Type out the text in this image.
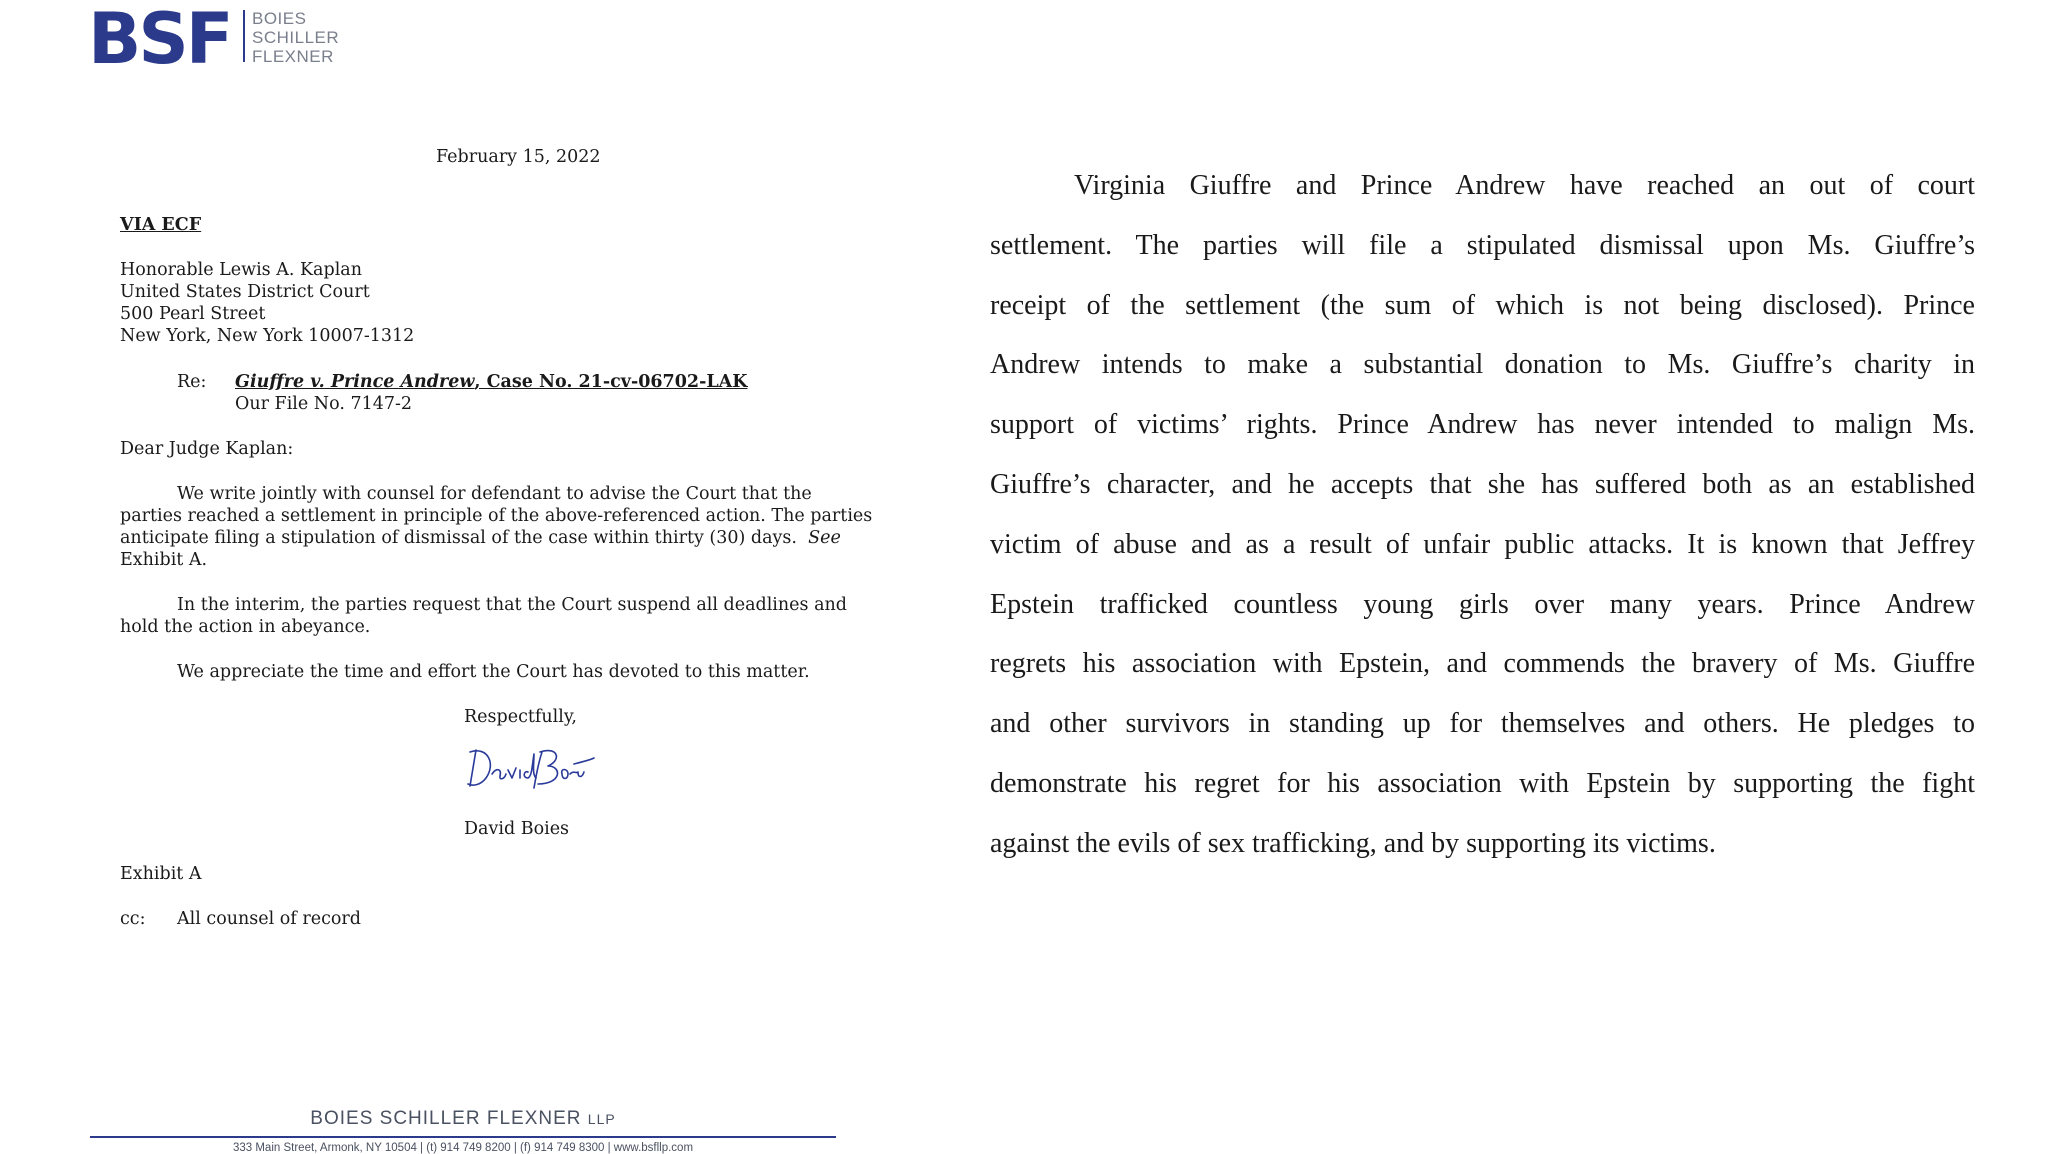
BSF BOIES
SCHILLER
FLEXNER
February 15, 2022
VIA ECF
Honorable Lewis A. Kaplan
United States District Court
500 Pearl Street
New York, New York 10007-1312
Re: Giuffre v. Prince Andrew, Case No. 21-cv-06702-LAK
Our File No. 7147-2
Dear Judge Kaplan:
We write jointly with counsel for defendant to advise the Court that the
parties reached a settlement in principle of the above-referenced action. The parties
anticipate filing a stipulation of dismissal of the case within thirty (30) days. See
Exhibit A.
In the interim, the parties request that the Court suspend all deadlines and
hold the action in abeyance.
We appreciate the time and effort the Court has devoted to this matter.
Respectfully,
David Boies
Exhibit A
cc: All counsel of record
BOIES SCHILLER FLEXNER LLP
333 Main Street, Armonk, NY 10504 | (t) 914 749 8200 | (f) 914 749 8300 | www.bsfllp.com
Virginia Giuffre and Prince Andrew have reached an out of court
settlement. The parties will file a stipulated dismissal upon Ms. Giuffre’s
receipt of the settlement (the sum of which is not being disclosed). Prince
Andrew intends to make a substantial donation to Ms. Giuffre’s charity in
support of victims’ rights. Prince Andrew has never intended to malign Ms.
Giuffre’s character, and he accepts that she has suffered both as an established
victim of abuse and as a result of unfair public attacks. It is known that Jeffrey
Epstein trafficked countless young girls over many years. Prince Andrew
regrets his association with Epstein, and commends the bravery of Ms. Giuffre
and other survivors in standing up for themselves and others. He pledges to
demonstrate his regret for his association with Epstein by supporting the fight
against the evils of sex trafficking, and by supporting its victims.
